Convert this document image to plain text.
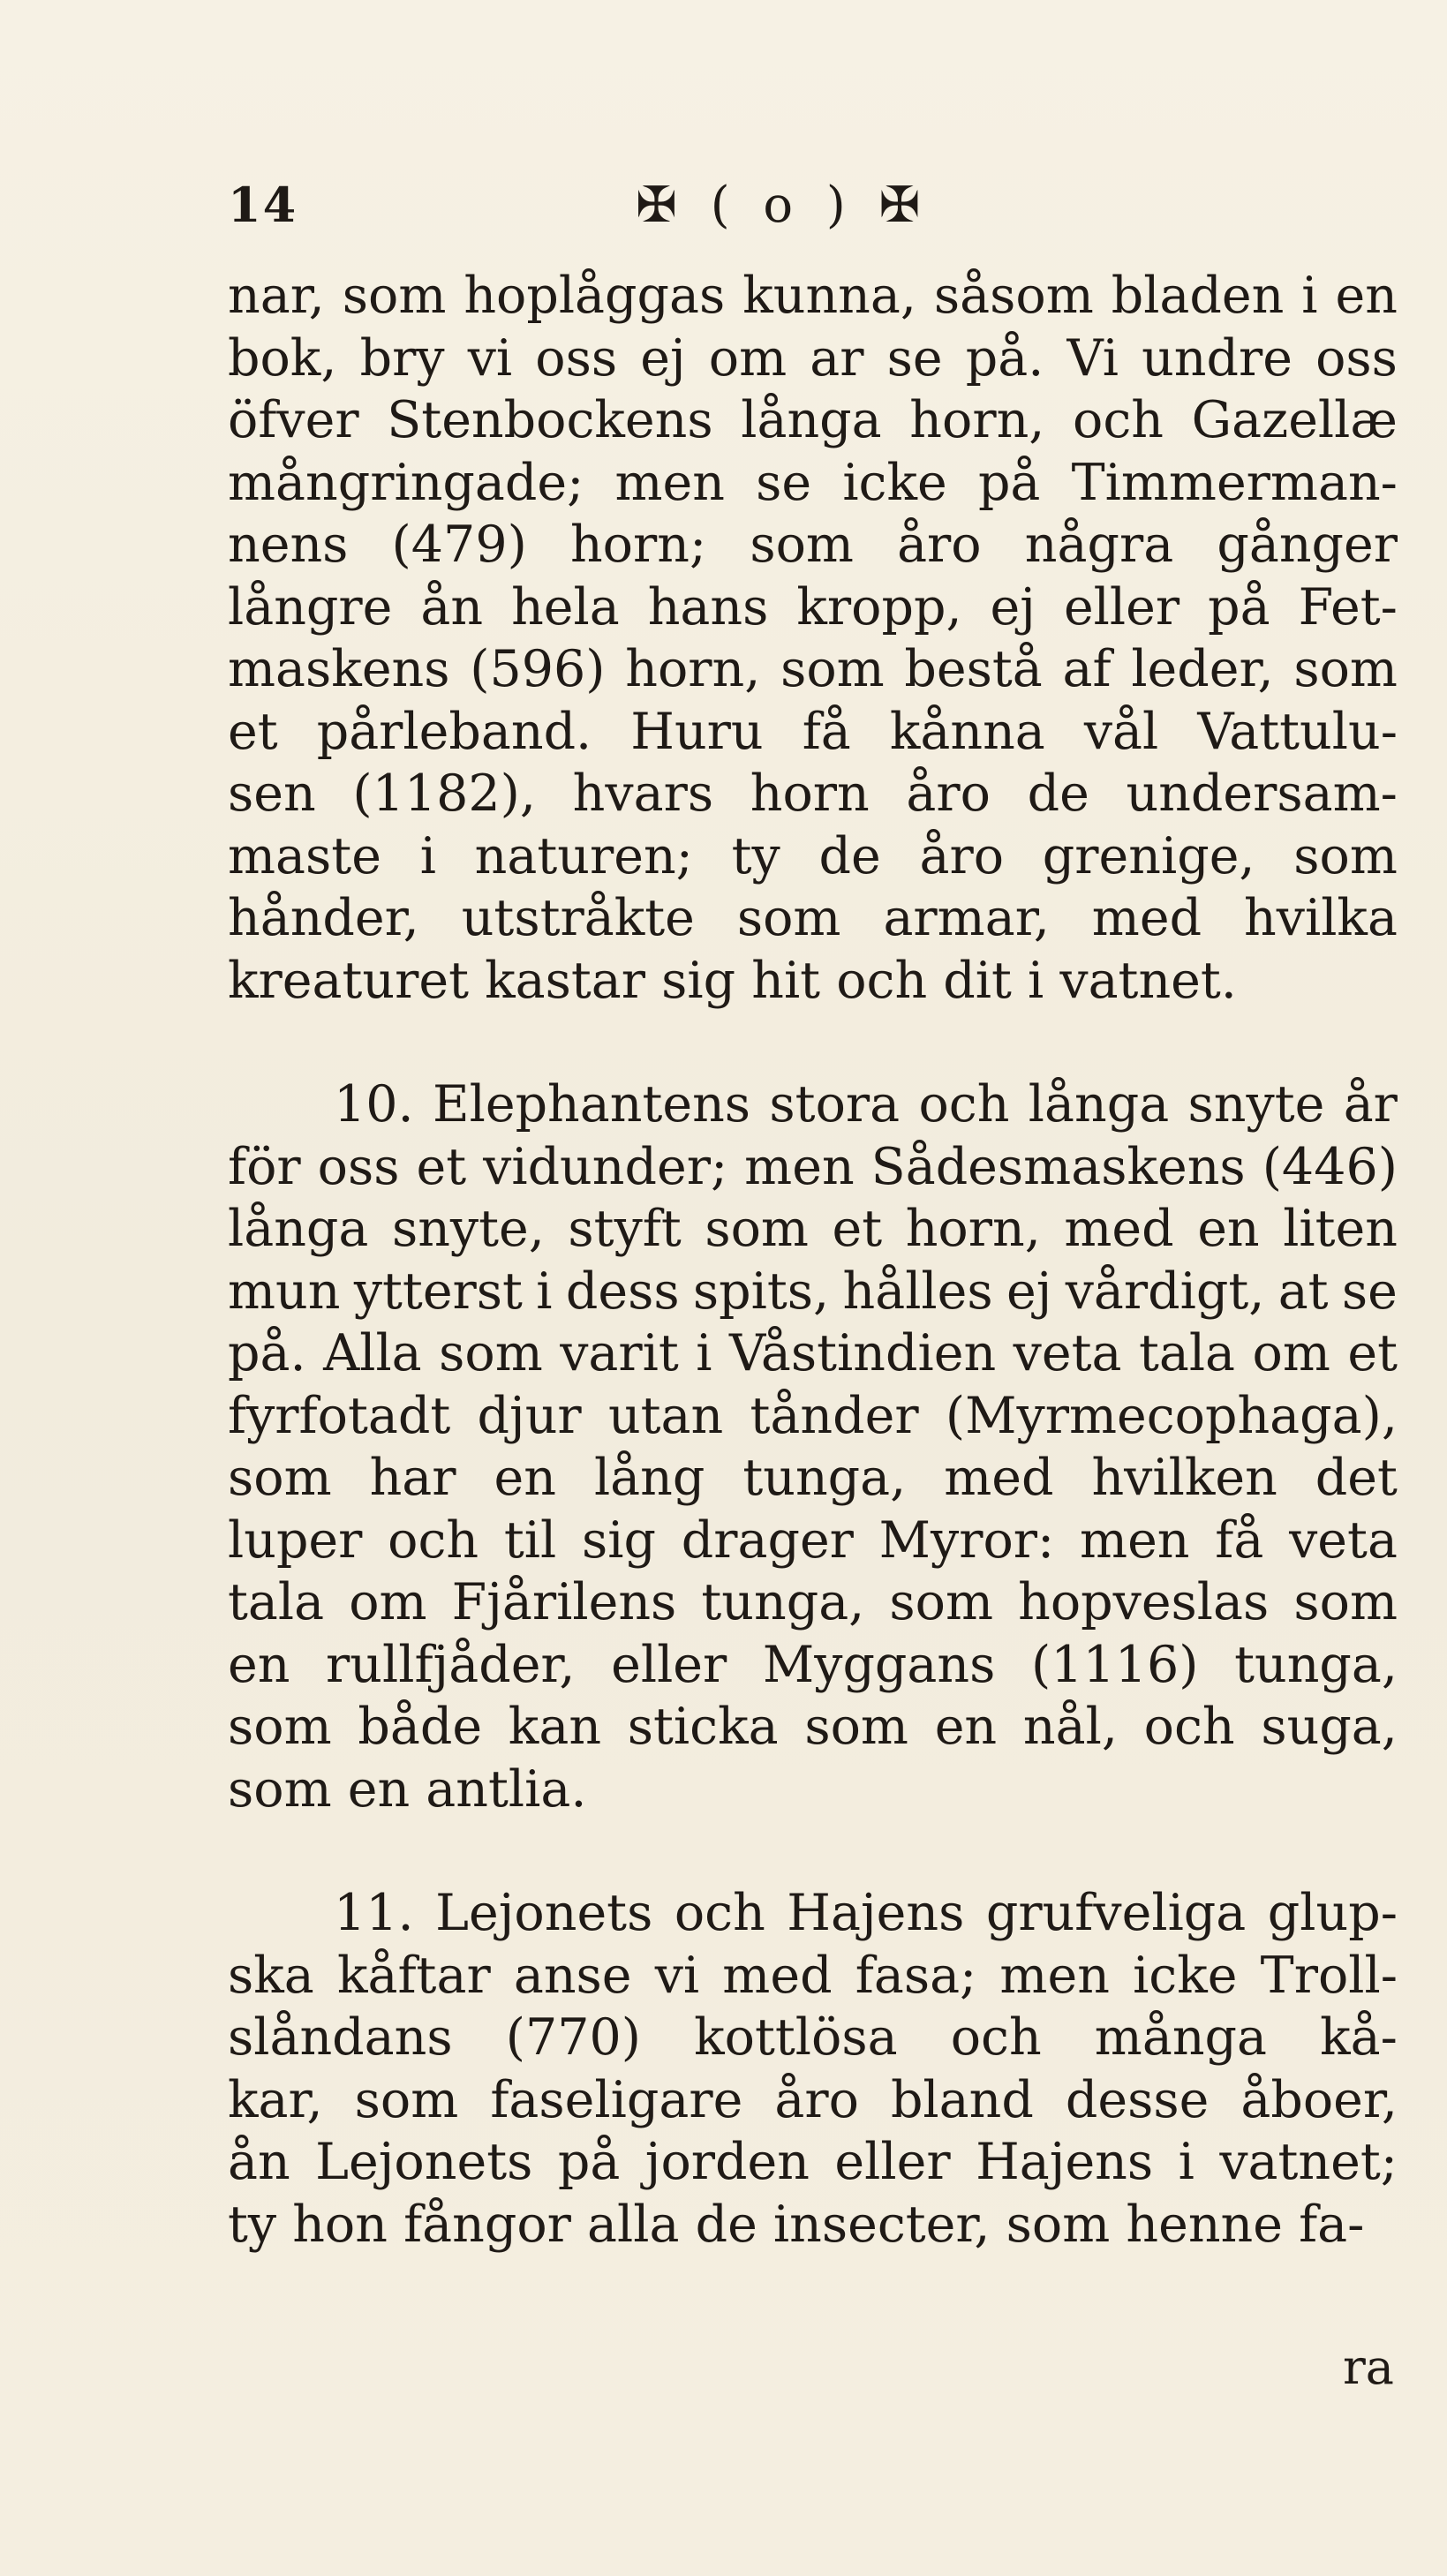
14	✠ ( o ) ✠
nar, som hoplåggas kunna, såsom bladen i en
bok, bry vi oss ej om ar se på. Vi undre oss
öfver Stenbockens långa horn, och Gazellæ
mångringade; men se icke på Timmerman-
nens (479) horn; som åro några gånger
långre ån hela hans kropp, ej eller på Fet-
maskens (596) horn, som bestå af leder, som
et pårleband. Huru få kånna vål Vattulu-
sen (1182), hvars horn åro de undersam-
maste i naturen; ty de åro grenige, som
hånder, utstråkte som armar, med hvilka
kreaturet kastar sig hit och dit i vatnet.
10. Elephantens stora och långa snyte år
för oss et vidunder; men Sådesmaskens (446)
långa snyte, styft som et horn, med en liten
mun ytterst i dess spits, hålles ej vårdigt, at se
på. Alla som varit i Våstindien veta tala om et
fyrfotadt djur utan tånder (Myrmecophaga),
som har en lång tunga, med hvilken det
luper och til sig drager Myror: men få veta
tala om Fjårilens tunga, som hopveslas som
en rullfjåder, eller Myggans (1116) tunga,
som både kan sticka som en nål, och suga,
som en antlia.
11. Lejonets och Hajens grufveliga glup-
ska kåftar anse vi med fasa; men icke Troll-
slåndans (770) kottlösa och många kå-
kar, som faseligare åro bland desse åboer,
ån Lejonets på jorden eller Hajens i vatnet;
ty hon fångor alla de insecter, som henne fa-
ra
